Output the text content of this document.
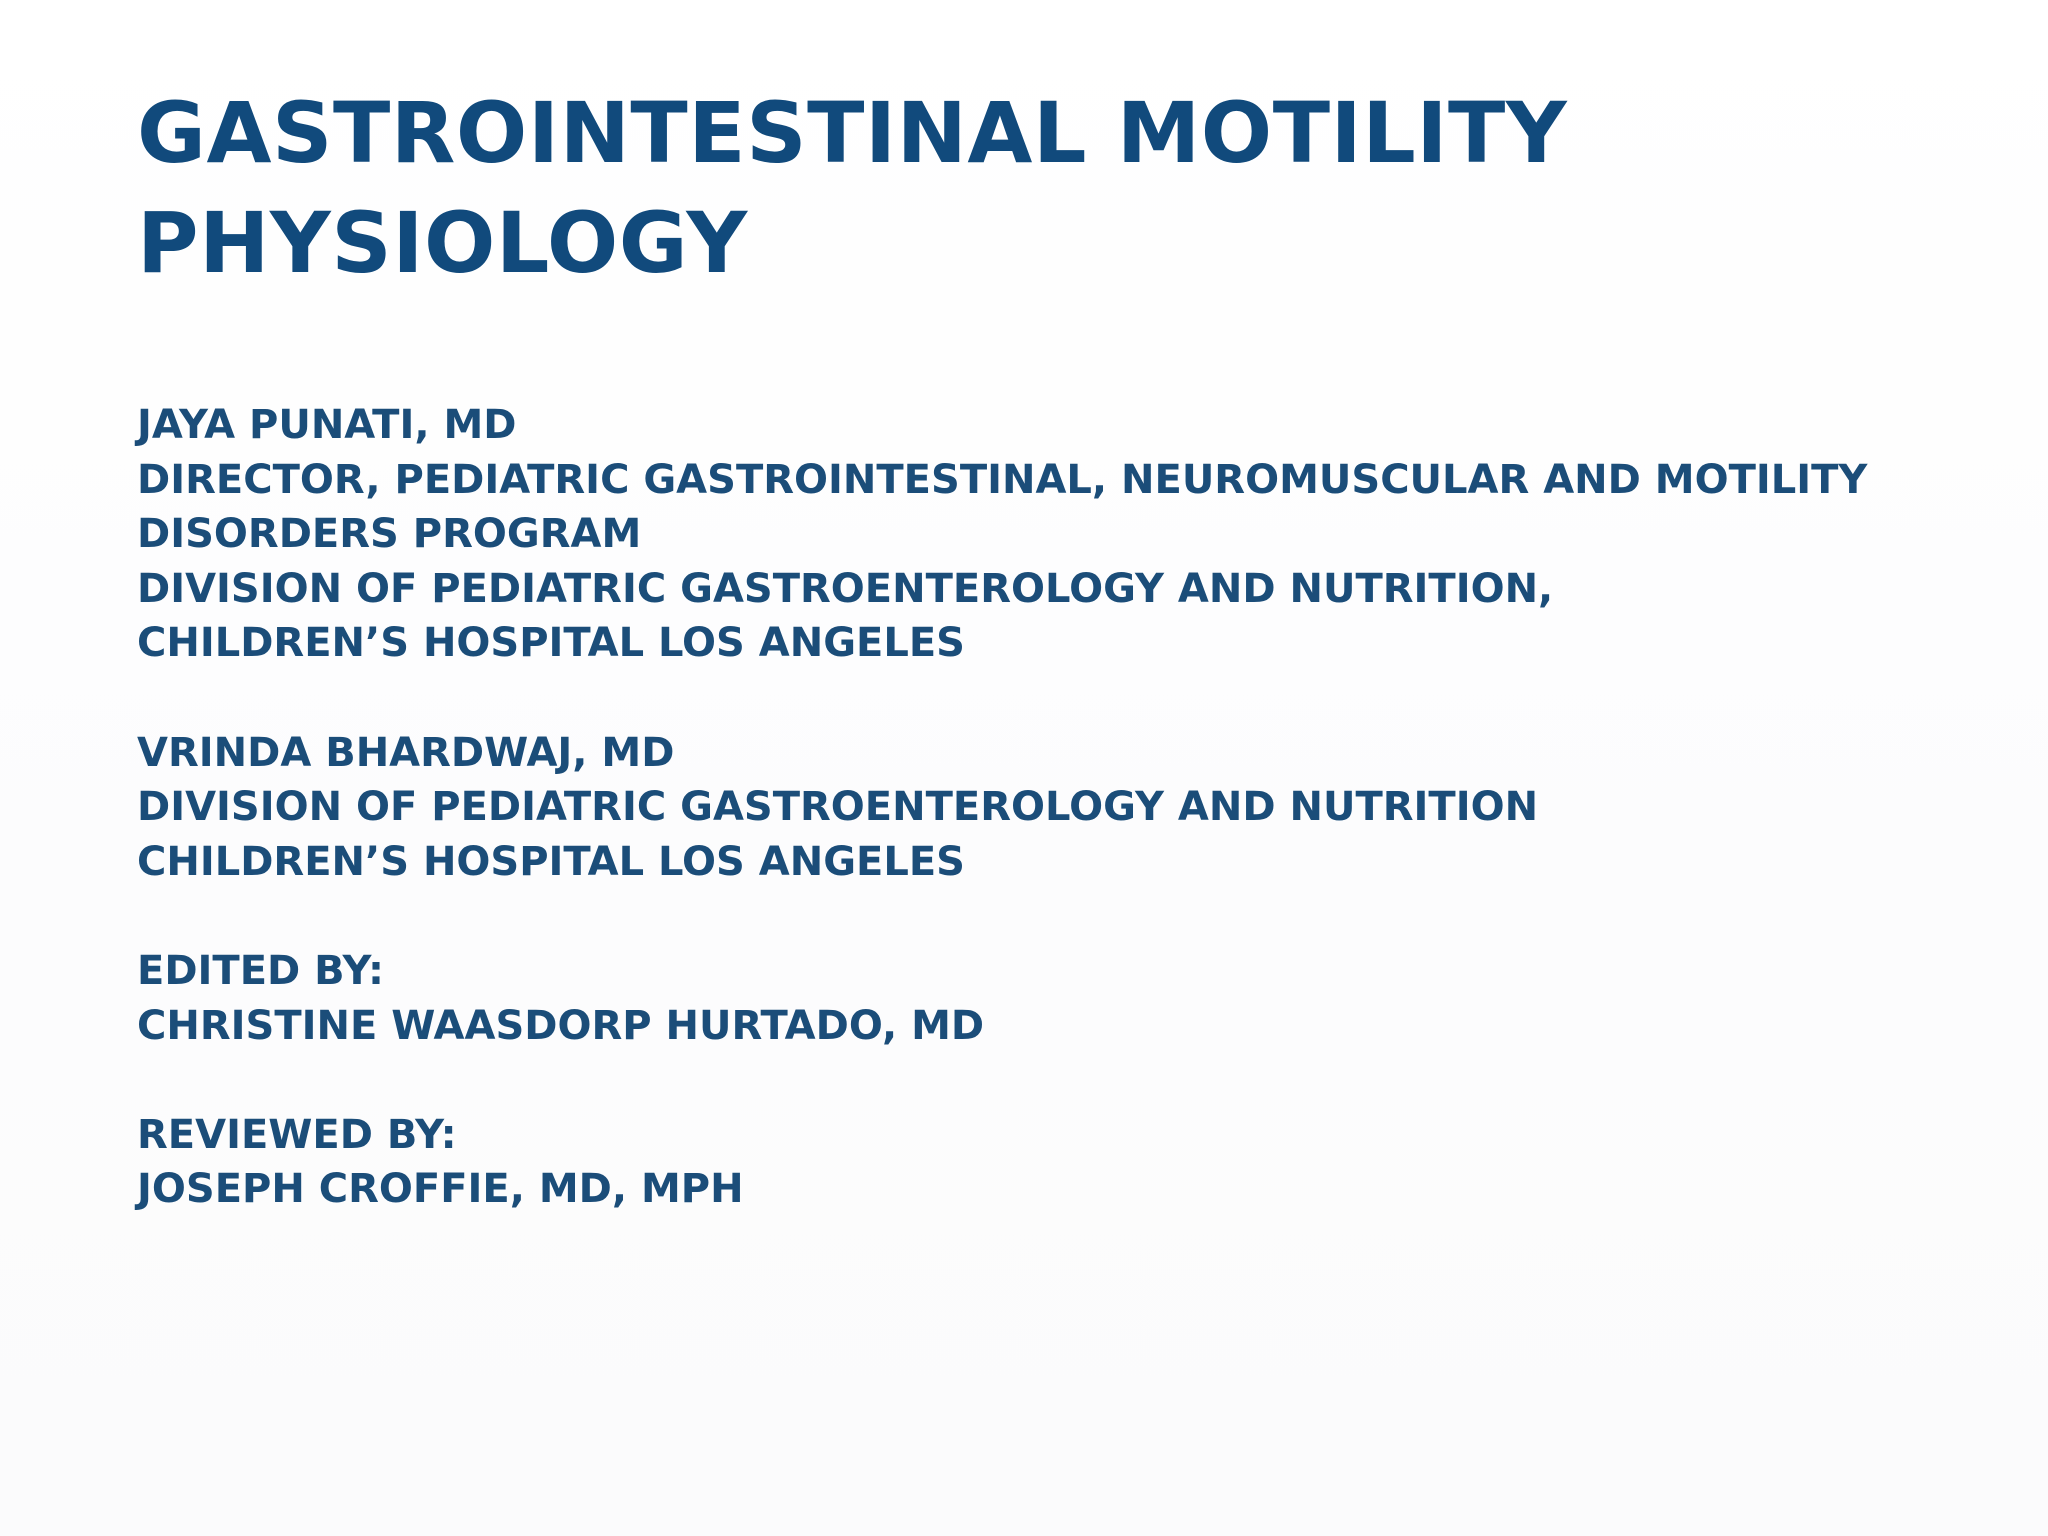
GASTROINTESTINAL MOTILITY
PHYSIOLOGY
JAYA PUNATI, MD
DIRECTOR, PEDIATRIC GASTROINTESTINAL, NEUROMUSCULAR AND MOTILITY
DISORDERS PROGRAM
DIVISION OF PEDIATRIC GASTROENTEROLOGY AND NUTRITION,
CHILDREN’S HOSPITAL LOS ANGELES
VRINDA BHARDWAJ, MD
DIVISION OF PEDIATRIC GASTROENTEROLOGY AND NUTRITION
CHILDREN’S HOSPITAL LOS ANGELES
EDITED BY:
CHRISTINE WAASDORP HURTADO, MD
REVIEWED BY:
JOSEPH CROFFIE, MD, MPH
